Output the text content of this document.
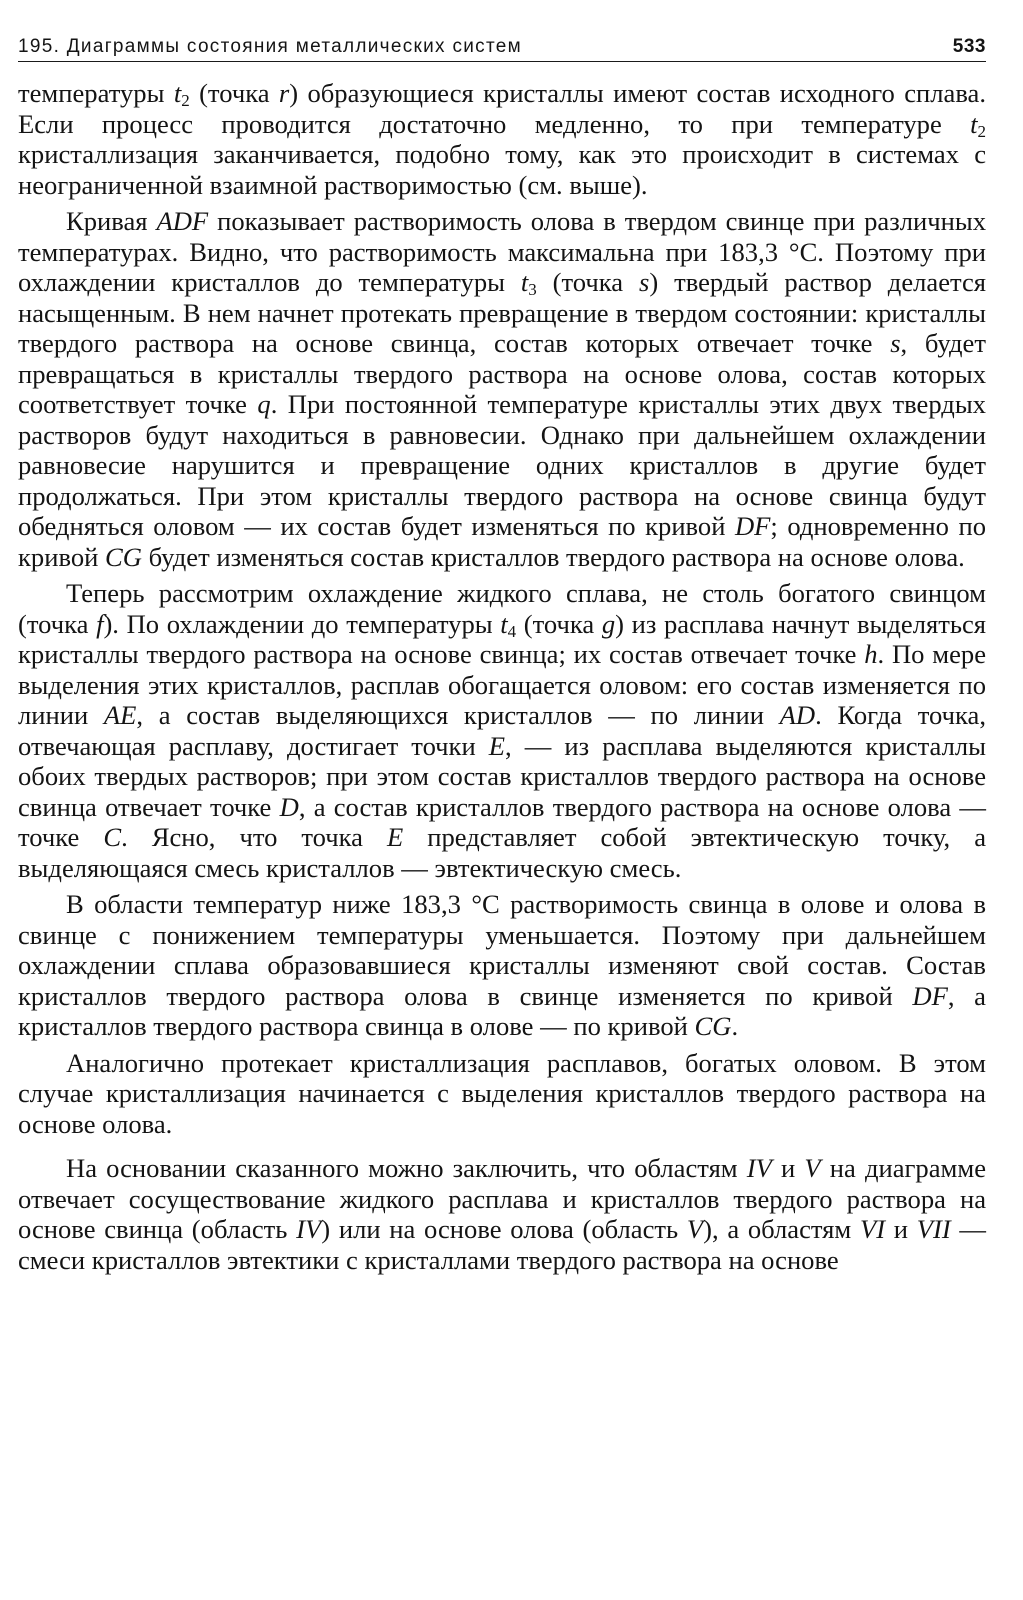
195. Диаграммы состояния металлических систем	533

температуры $t_2$ (точка r) образующиеся кристаллы имеют состав исходного сплава. Если процесс проводится достаточно медленно, то при температуре $t_2$ кристаллизация заканчивается, подобно тому, как это происходит в системах с неограниченной взаимной растворимостью (см. выше).

Кривая ADF показывает растворимость олова в твердом свинце при различных температурах. Видно, что растворимость максимальна при 183,3 °С. Поэтому при охлаждении кристаллов до температуры $t_3$ (точка s) твердый раствор делается насыщенным. В нем начнет протекать превращение в твердом состоянии: кристаллы твердого раствора на основе свинца, состав которых отвечает точке s, будет превращаться в кристаллы твердого раствора на основе олова, состав которых соответствует точке q. При постоянной температуре кристаллы этих двух твердых растворов будут находиться в равновесии. Однако при дальнейшем охлаждении равновесие нарушится и превращение одних кристаллов в другие будет продолжаться. При этом кристаллы твердого раствора на основе свинца будут обедняться оловом — их состав будет изменяться по кривой DF; одновременно по кривой CG будет изменяться состав кристаллов твердого раствора на основе олова.

Теперь рассмотрим охлаждение жидкого сплава, не столь богатого свинцом (точка f). По охлаждении до температуры $t_4$ (точка g) из расплава начнут выделяться кристаллы твердого раствора на основе свинца; их состав отвечает точке h. По мере выделения этих кристаллов, расплав обогащается оловом: его состав изменяется по линии AE, а состав выделяющихся кристаллов — по линии AD. Когда точка, отвечающая расплаву, достигает точки E, — из расплава выделяются кристаллы обоих твердых растворов; при этом состав кристаллов твердого раствора на основе свинца отвечает точке D, а состав кристаллов твердого раствора на основе олова — точке C. Ясно, что точка E представляет собой эвтектическую точку, а выделяющаяся смесь кристаллов — эвтектическую смесь.

В области температур ниже 183,3 °С растворимость свинца в олове и олова в свинце с понижением температуры уменьшается. Поэтому при дальнейшем охлаждении сплава образовавшиеся кристаллы изменяют свой состав. Состав кристаллов твердого раствора олова в свинце изменяется по кривой DF, а кристаллов твердого раствора свинца в олове — по кривой CG.

Аналогично протекает кристаллизация расплавов, богатых оловом. В этом случае кристаллизация начинается с выделения кристаллов твердого раствора на основе олова.

На основании сказанного можно заключить, что областям IV и V на диаграмме отвечает сосуществование жидкого расплава и кристаллов твердого раствора на основе свинца (область IV) или на основе олова (область V), а областям VI и VII — смеси кристаллов эвтектики с кристаллами твердого раствора на основе
